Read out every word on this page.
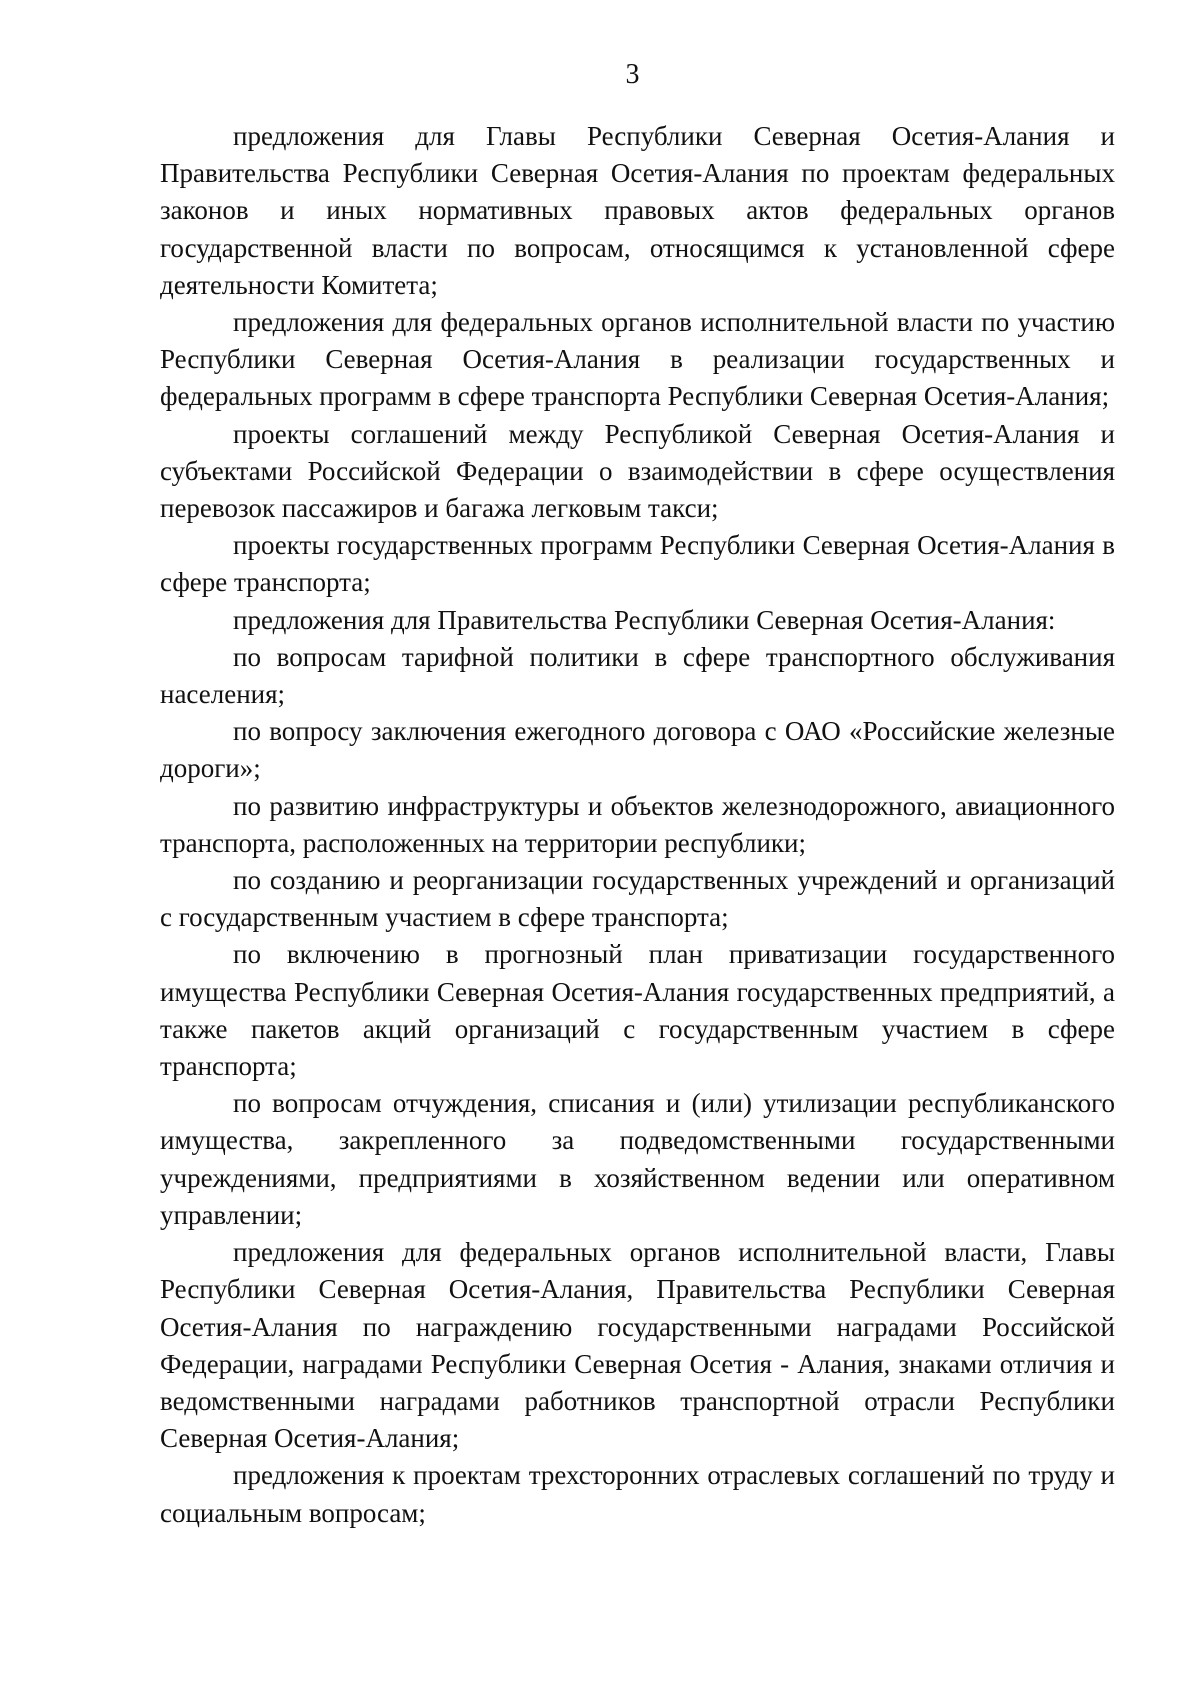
3

предложения для Главы Республики Северная Осетия-Алания и Правительства Республики Северная Осетия-Алания по проектам федеральных законов и иных нормативных правовых актов федеральных органов государственной власти по вопросам, относящимся к установленной сфере деятельности Комитета;

предложения для федеральных органов исполнительной власти по участию Республики Северная Осетия-Алания в реализации государственных и федеральных программ в сфере транспорта Республики Северная Осетия-Алания;

проекты соглашений между Республикой Северная Осетия-Алания и субъектами Российской Федерации о взаимодействии в сфере осуществления перевозок пассажиров и багажа легковым такси;

проекты государственных программ Республики Северная Осетия-Алания в сфере транспорта;

предложения для Правительства Республики Северная Осетия-Алания:

по вопросам тарифной политики в сфере транспортного обслуживания населения;

по вопросу заключения ежегодного договора с ОАО «Российские железные дороги»;

по развитию инфраструктуры и объектов железнодорожного, авиационного транспорта, расположенных на территории республики;

по созданию и реорганизации государственных учреждений и организаций с государственным участием в сфере транспорта;

по включению в прогнозный план приватизации государственного имущества Республики Северная Осетия-Алания государственных предприятий, а также пакетов акций организаций с государственным участием в сфере транспорта;

по вопросам отчуждения, списания и (или) утилизации республиканского имущества, закрепленного за подведомственными государственными учреждениями, предприятиями в хозяйственном ведении или оперативном управлении;

предложения для федеральных органов исполнительной власти, Главы Республики Северная Осетия-Алания, Правительства Республики Северная Осетия-Алания по награждению государственными наградами Российской Федерации, наградами Республики Северная Осетия - Алания, знаками отличия и ведомственными наградами работников транспортной отрасли Республики Северная Осетия-Алания;

предложения к проектам трехсторонних отраслевых соглашений по труду и социальным вопросам;
